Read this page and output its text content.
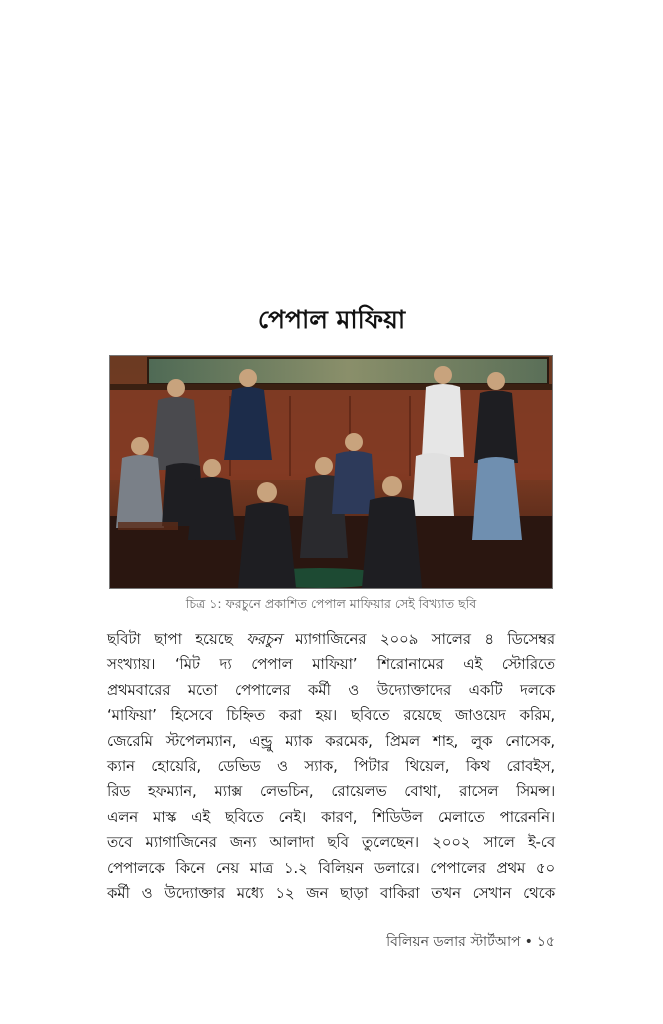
পেপাল মাফিয়া
চিত্র ১: ফরচুনে প্রকাশিত পেপাল মাফিয়ার সেই বিখ্যাত ছবি
ছবিটা ছাপা হয়েছে ফরচুন ম্যাগাজিনের ২০০৯ সালের ৪ ডিসেম্বর
সংখ্যায়। ‘মিট দ্য পেপাল মাফিয়া’ শিরোনামের এই স্টোরিতে
প্রথমবারের মতো পেপালের কর্মী ও উদ্যোক্তাদের একটি দলকে
‘মাফিয়া’ হিসেবে চিহ্নিত করা হয়। ছবিতে রয়েছে জাওয়েদ করিম,
জেরেমি স্টপেলম্যান, এন্ড্রু ম্যাক করমেক, প্রিমল শাহ, লুক নোসেক,
ক্যান হোয়েরি, ডেভিড ও স্যাক, পিটার থিয়েল, কিথ রোবইস,
রিড হফম্যান, ম্যাক্স লেভচিন, রোয়েলভ বোথা, রাসেল সিমন্স।
এলন মাস্ক এই ছবিতে নেই। কারণ, শিডিউল মেলাতে পারেননি।
তবে ম্যাগাজিনের জন্য আলাদা ছবি তুলেছেন। ২০০২ সালে ই-বে
পেপালকে কিনে নেয় মাত্র ১.২ বিলিয়ন ডলারে। পেপালের প্রথম ৫০
কর্মী ও উদ্যোক্তার মধ্যে ১২ জন ছাড়া বাকিরা তখন সেখান থেকে
বিলিয়ন ডলার স্টার্টআপ • ১৫
